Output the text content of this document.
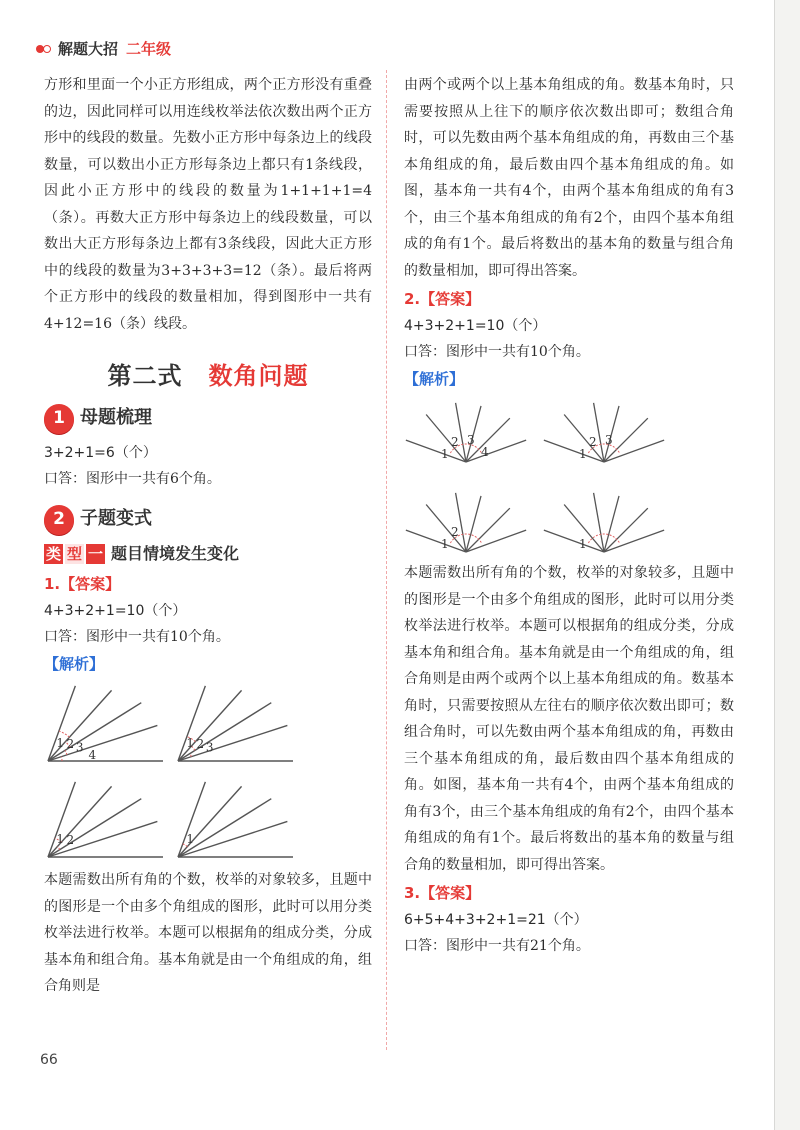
解题大招 二年级

方形和里面一个小正方形组成，两个正方形没有重叠的边，因此同样可以用连线枚举法依次数出两个正方形中的线段的数量。先数小正方形中每条边上的线段数量，可以数出小正方形每条边上都只有1条线段，因此小正方形中的线段的数量为1+1+1+1=4（条）。再数大正方形中每条边上的线段数量，可以数出大正方形每条边上都有3条线段，因此大正方形中的线段的数量为3+3+3+3=12（条）。最后将两个正方形中的线段的数量相加，得到图形中一共有4+12=16（条）线段。

第二式 数角问题
1 母题梳理

3+2+1=6（个）

口答：图形中一共有6个角。

2 子题变式
类 型 一 题目情境发生变化
1.【答案】

4+3+2+1=10（个）

口答：图形中一共有10个角。

【解析】
1 2 3
4
1 2 3
1 2	1

本题需数出所有角的个数，枚举的对象较多，且题中的图形是一个由多个角组成的图形，此时可以用分类枚举法进行枚举。本题可以根据角的组成分类，分成基本角和组合角。基本角就是由一个角组成的角，组合角则是

由两个或两个以上基本角组成的角。数基本角时，只需要按照从上往下的顺序依次数出即可；数组合角时，可以先数由两个基本角组成的角，再数由三个基本角组成的角，最后数由四个基本角组成的角。如图，基本角一共有4个，由两个基本角组成的角有3个，由三个基本角组成的角有2个，由四个基本角组成的角有1个。最后将数出的基本角的数量与组合角的数量相加，即可得出答案。

2.【答案】

4+3+2+1=10（个）

口答：图形中一共有10个角。

【解析】
1
2 3
4	1
2 3
1
2
1

本题需数出所有角的个数，枚举的对象较多，且题中的图形是一个由多个角组成的图形，此时可以用分类枚举法进行枚举。本题可以根据角的组成分类，分成基本角和组合角。基本角就是由一个角组成的角，组合角则是由两个或两个以上基本角组成的角。数基本角时，只需要按照从左往右的顺序依次数出即可；数组合角时，可以先数由两个基本角组成的角，再数由三个基本角组成的角，最后数由四个基本角组成的角。如图，基本角一共有4个，由两个基本角组成的角有3个，由三个基本角组成的角有2个，由四个基本角组成的角有1个。最后将数出的基本角的数量与组合角的数量相加，即可得出答案。

3.【答案】

6+5+4+3+2+1=21（个）

口答：图形中一共有21个角。

66
